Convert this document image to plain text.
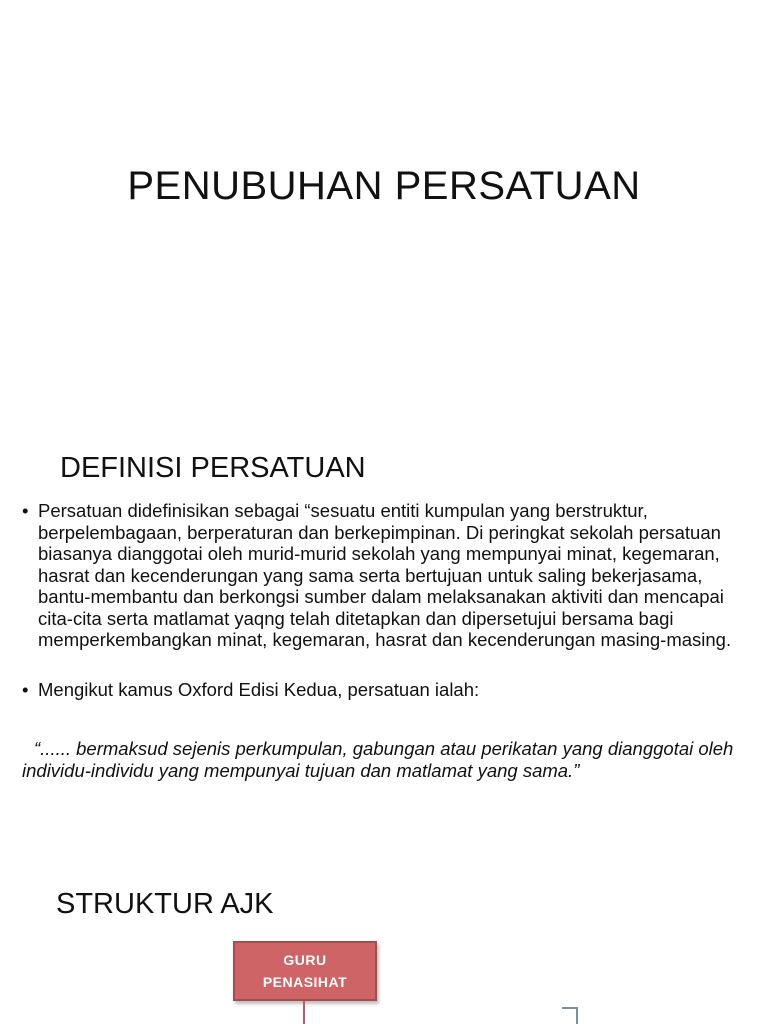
PENUBUHAN PERSATUAN
DEFINISI PERSATUAN
• Persatuan didefinisikan sebagai “sesuatu entiti kumpulan yang berstruktur, berpelembagaan, berperaturan dan berkepimpinan. Di peringkat sekolah persatuan biasanya dianggotai oleh murid-murid sekolah yang mempunyai minat, kegemaran, hasrat dan kecenderungan yang sama serta bertujuan untuk saling bekerjasama, bantu-membantu dan berkongsi sumber dalam melaksanakan aktiviti dan mencapai cita-cita serta matlamat yaqng telah ditetapkan dan dipersetujui bersama bagi memperkembangkan minat, kegemaran, hasrat dan kecenderungan masing-masing.
• Mengikut kamus Oxford Edisi Kedua, persatuan ialah:

“...... bermaksud sejenis perkumpulan, gabungan atau perikatan yang dianggotai oleh individu-individu yang mempunyai tujuan dan matlamat yang sama.”

STRUKTUR AJK
GURU
PENASIHAT
